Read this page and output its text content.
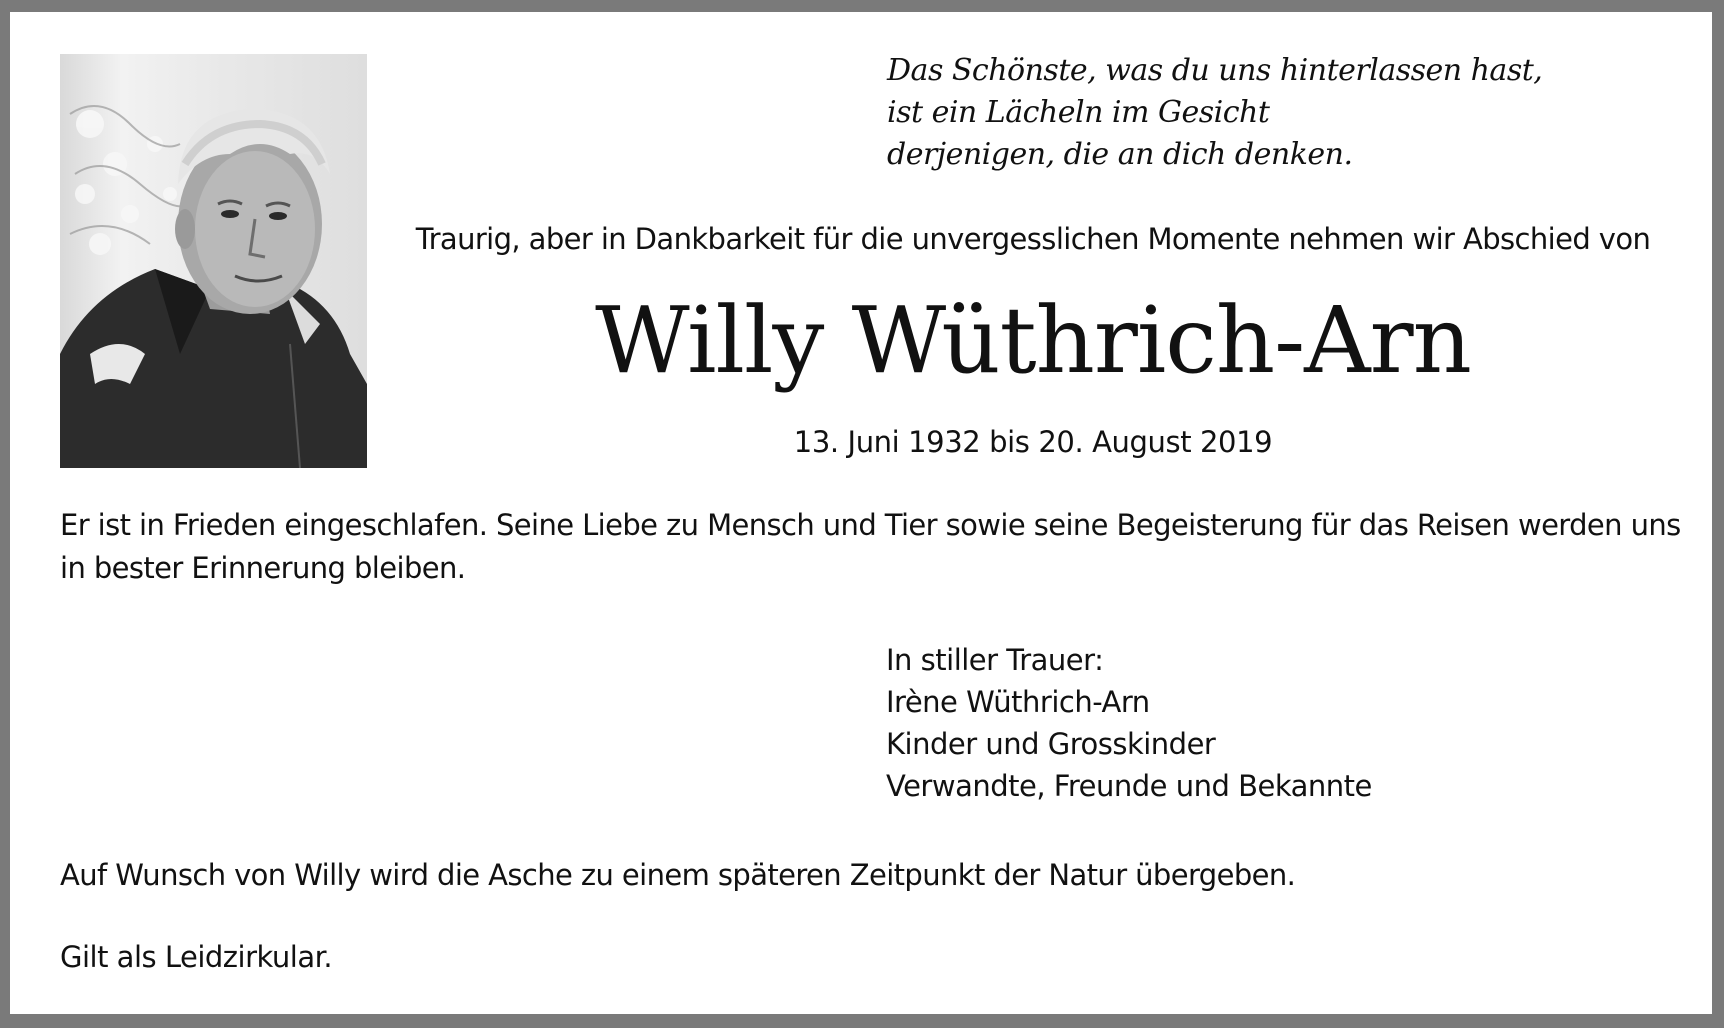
Das Schönste, was du uns hinterlassen hast,
ist ein Lächeln im Gesicht
derjenigen, die an dich denken.
Traurig, aber in Dankbarkeit für die unvergesslichen Momente nehmen wir Abschied von
Willy Wüthrich-Arn
13. Juni 1932 bis 20. August 2019
Er ist in Frieden eingeschlafen. Seine Liebe zu Mensch und Tier sowie seine Begeisterung für das Reisen werden uns in bester Erinnerung bleiben.
In stiller Trauer:
Irène Wüthrich-Arn
Kinder und Grosskinder
Verwandte, Freunde und Bekannte
Auf Wunsch von Willy wird die Asche zu einem späteren Zeitpunkt der Natur übergeben.
Gilt als Leidzirkular.
